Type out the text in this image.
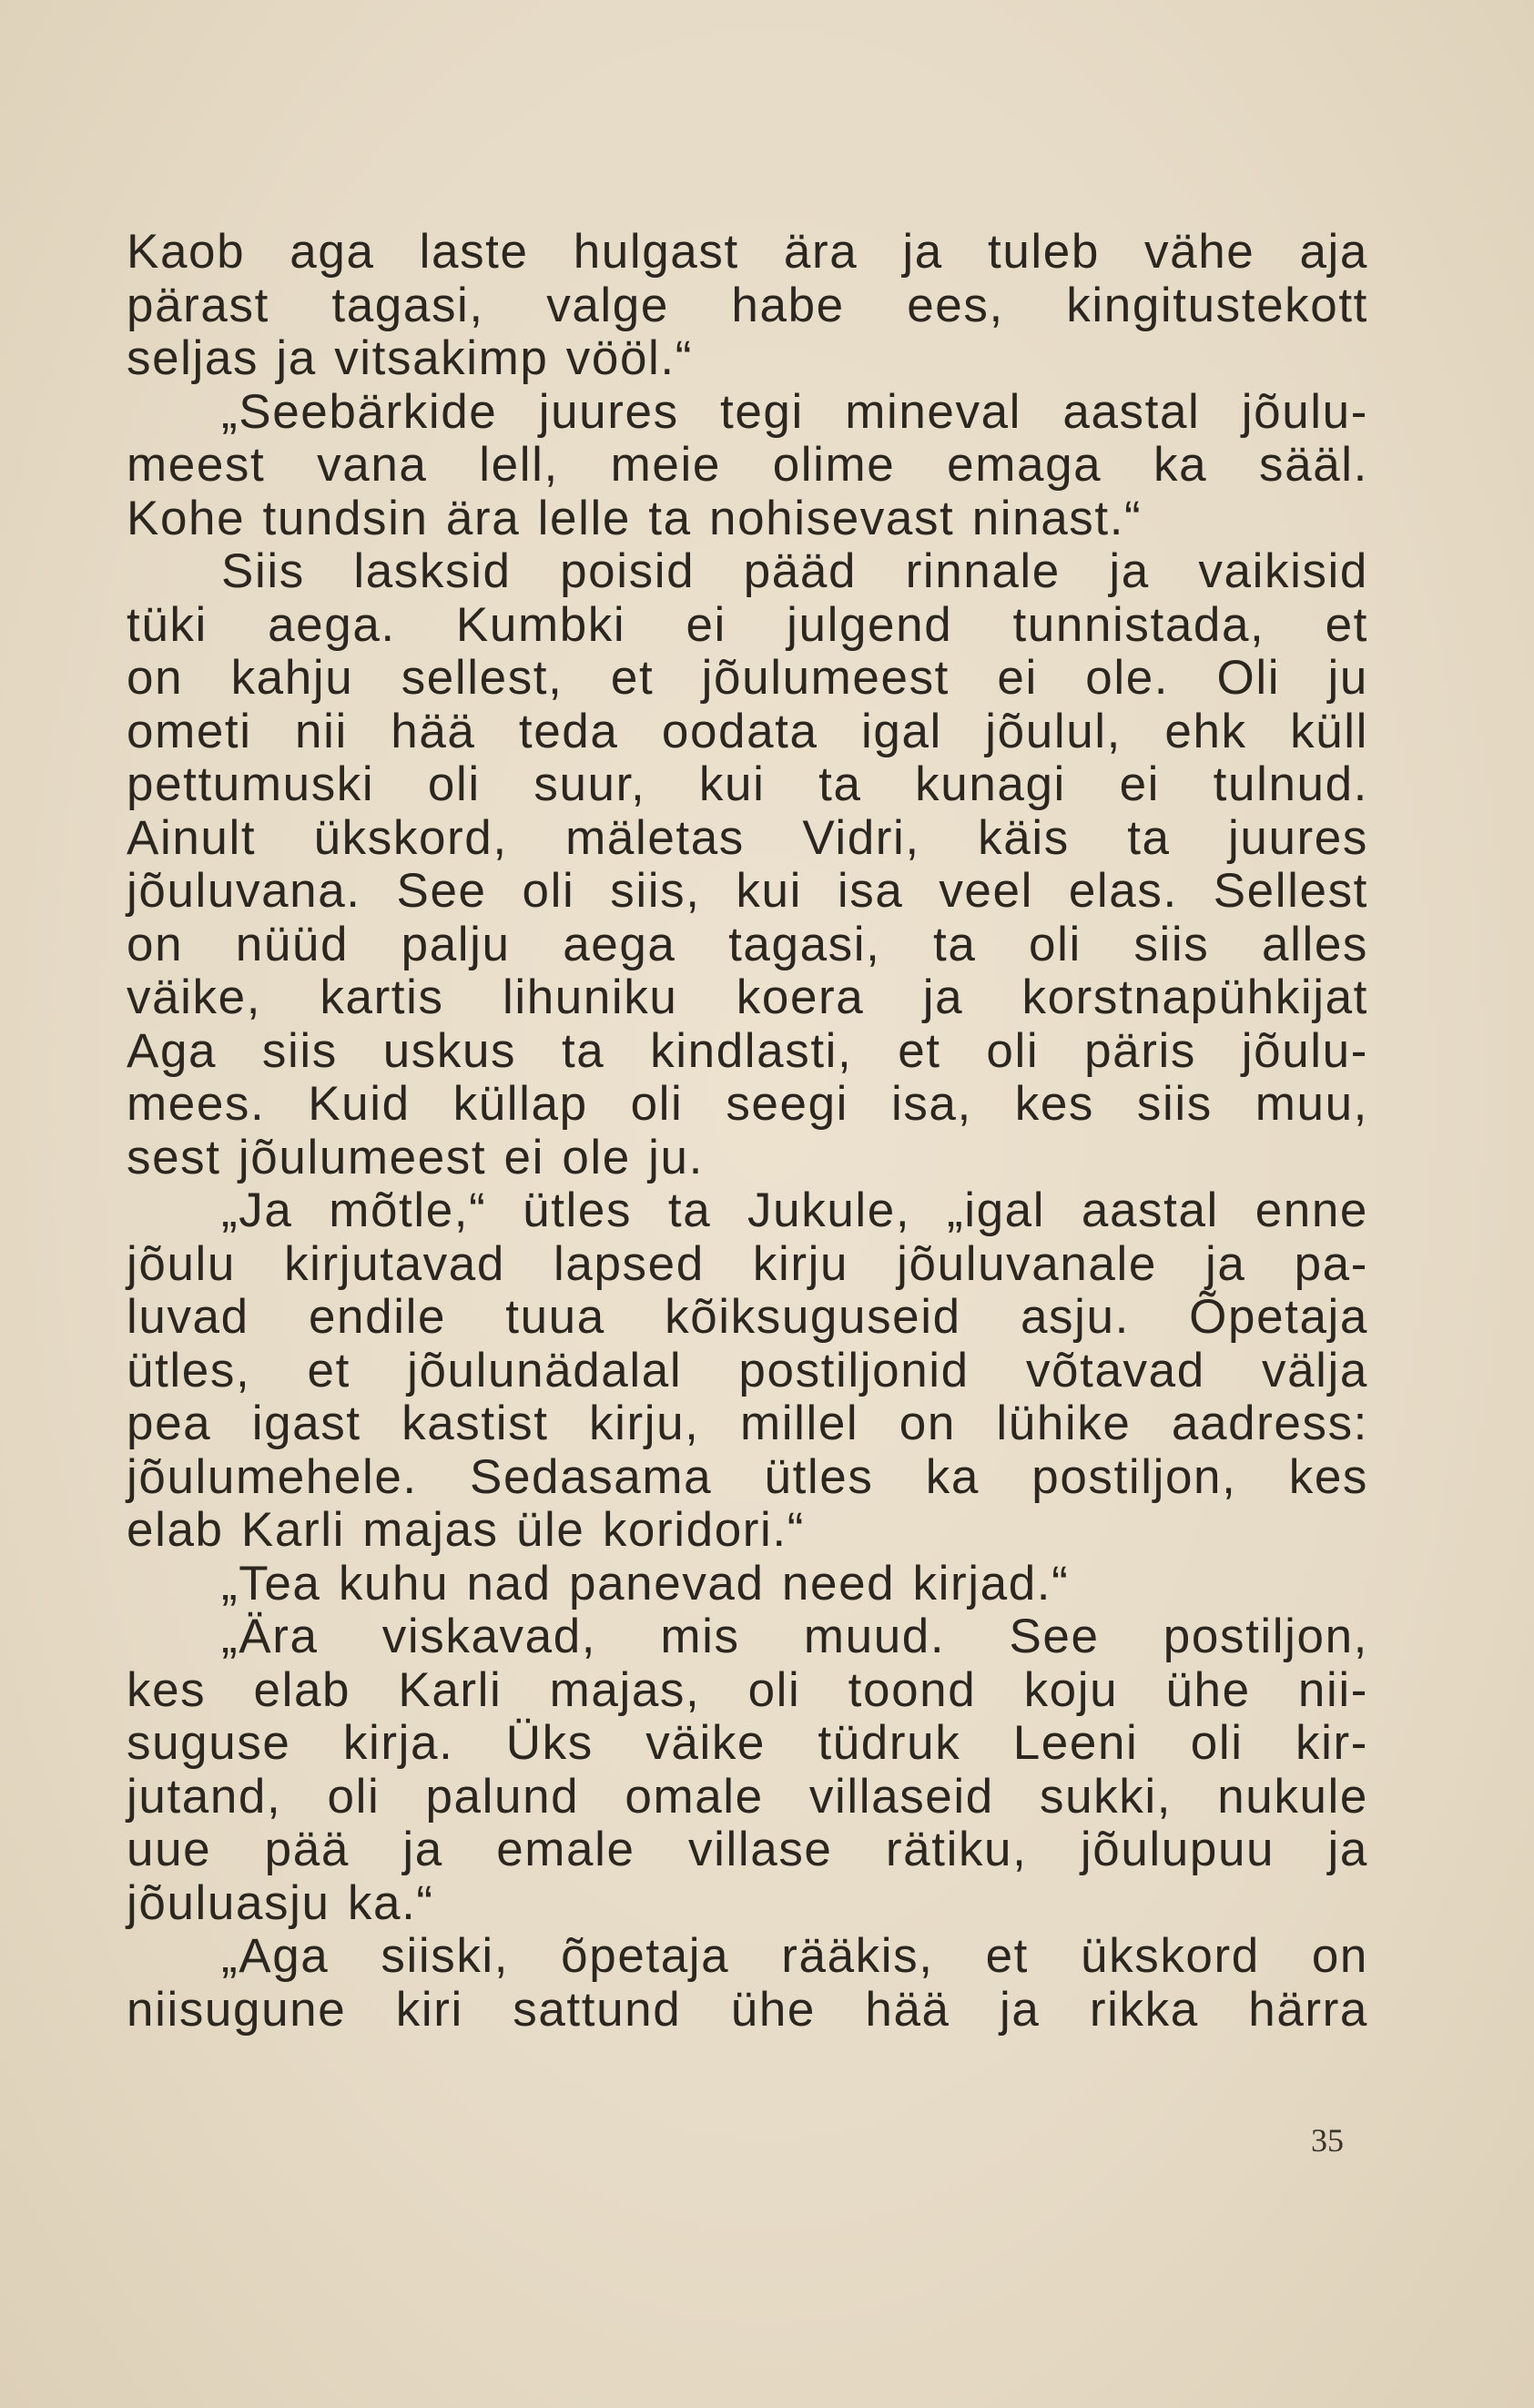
Kaob aga laste hulgast ära ja tuleb vähe aja
pärast tagasi, valge habe ees, kingitustekott
seljas ja vitsakimp vööl.“
„Seebärkide juures tegi mineval aastal jõulu-
meest vana lell, meie olime emaga ka sääl.
Kohe tundsin ära lelle ta nohisevast ninast.“
Siis lasksid poisid pääd rinnale ja vaikisid
tüki aega. Kumbki ei julgend tunnistada, et
on kahju sellest, et jõulumeest ei ole. Oli ju
ometi nii hää teda oodata igal jõulul, ehk küll
pettumuski oli suur, kui ta kunagi ei tulnud.
Ainult ükskord, mäletas Vidri, käis ta juures
jõuluvana. See oli siis, kui isa veel elas. Sellest
on nüüd palju aega tagasi, ta oli siis alles
väike, kartis lihuniku koera ja korstnapühkijat
Aga siis uskus ta kindlasti, et oli päris jõulu-
mees. Kuid küllap oli seegi isa, kes siis muu,
sest jõulumeest ei ole ju.
„Ja mõtle,“ ütles ta Jukule, „igal aastal enne
jõulu kirjutavad lapsed kirju jõuluvanale ja pa-
luvad endile tuua kõiksuguseid asju. Õpetaja
ütles, et jõulunädalal postiljonid võtavad välja
pea igast kastist kirju, millel on lühike aadress:
jõulumehele. Sedasama ütles ka postiljon, kes
elab Karli majas üle koridori.“
„Tea kuhu nad panevad need kirjad.“
„Ära viskavad, mis muud. See postiljon,
kes elab Karli majas, oli toond koju ühe nii-
suguse kirja. Üks väike tüdruk Leeni oli kir-
jutand, oli palund omale villaseid sukki, nukule
uue pää ja emale villase rätiku, jõulupuu ja
jõuluasju ka.“
„Aga siiski, õpetaja rääkis, et ükskord on
niisugune kiri sattund ühe hää ja rikka härra
35
